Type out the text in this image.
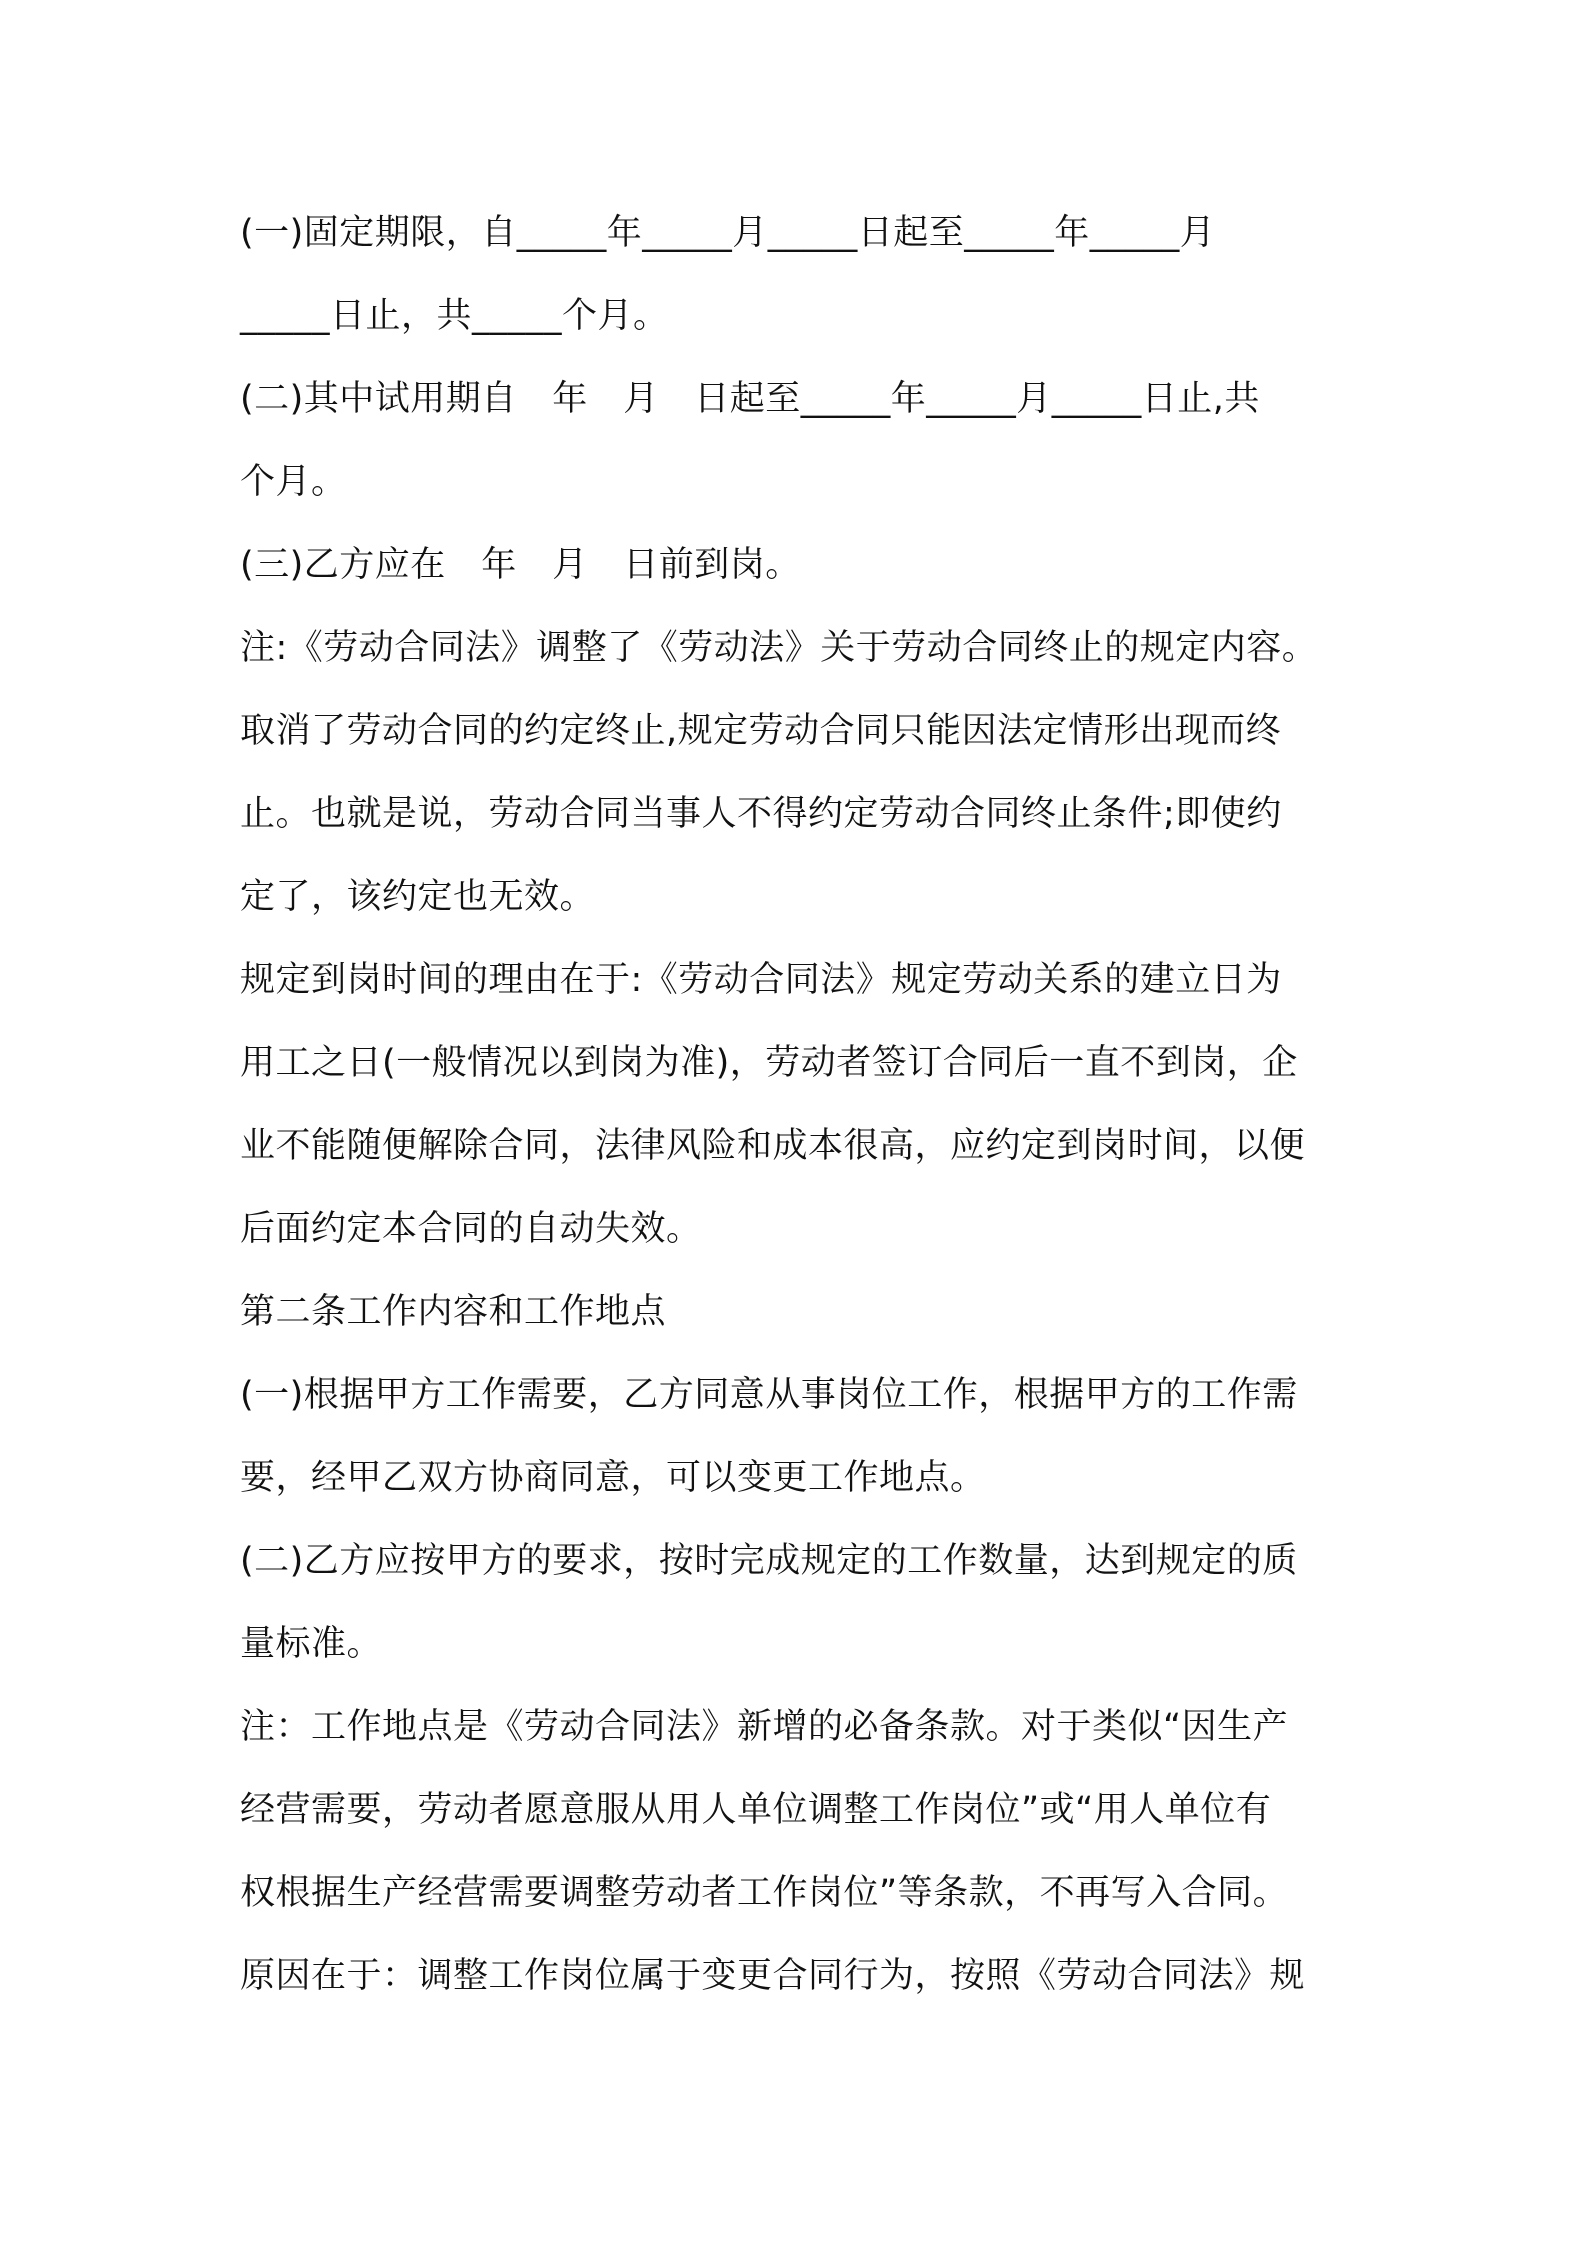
(一)固定期限，自_____年_____月_____日起至_____年_____月
_____日止，共_____个月。
(二)其中试用期自　年　月　日起至_____年_____月_____日止,共
个月。
(三)乙方应在　年　月　日前到岗。
注:《劳动合同法》调整了《劳动法》关于劳动合同终止的规定内容。
取消了劳动合同的约定终止,规定劳动合同只能因法定情形出现而终
止。也就是说，劳动合同当事人不得约定劳动合同终止条件;即使约
定了，该约定也无效。
规定到岗时间的理由在于:《劳动合同法》规定劳动关系的建立日为
用工之日(一般情况以到岗为准)，劳动者签订合同后一直不到岗，企
业不能随便解除合同，法律风险和成本很高，应约定到岗时间，以便
后面约定本合同的自动失效。
第二条工作内容和工作地点
(一)根据甲方工作需要，乙方同意从事岗位工作，根据甲方的工作需
要，经甲乙双方协商同意，可以变更工作地点。
(二)乙方应按甲方的要求，按时完成规定的工作数量，达到规定的质
量标准。
注：工作地点是《劳动合同法》新增的必备条款。对于类似“因生产
经营需要，劳动者愿意服从用人单位调整工作岗位”或“用人单位有
权根据生产经营需要调整劳动者工作岗位”等条款，不再写入合同。
原因在于：调整工作岗位属于变更合同行为，按照《劳动合同法》规
